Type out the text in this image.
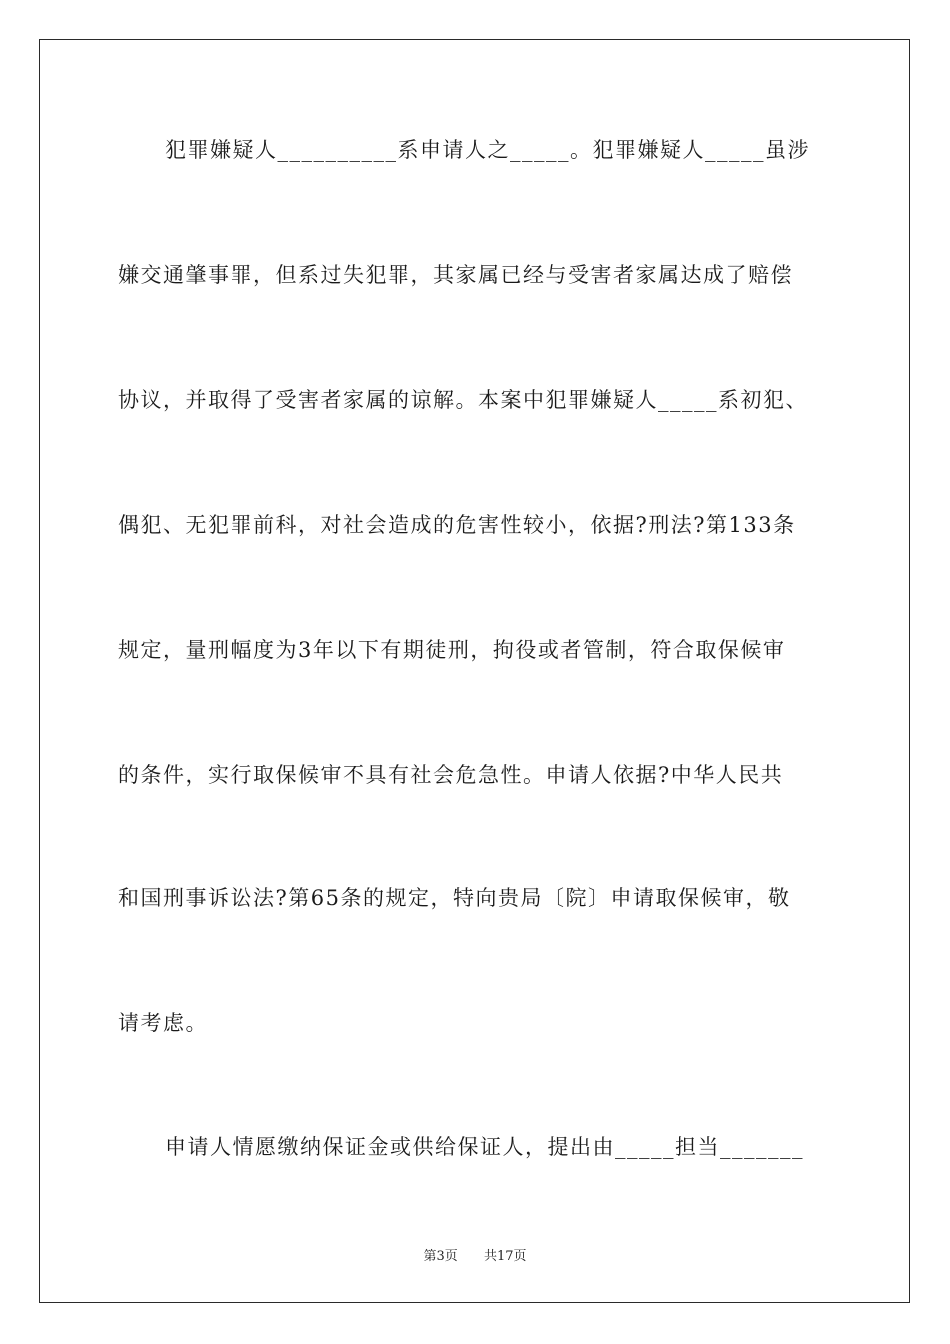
犯罪嫌疑人__________系申请人之_____。犯罪嫌疑人_____虽涉
嫌交通肇事罪，但系过失犯罪，其家属已经与受害者家属达成了赔偿
协议，并取得了受害者家属的谅解。本案中犯罪嫌疑人_____系初犯、
偶犯、无犯罪前科，对社会造成的危害性较小，依据?刑法?第133条
规定，量刑幅度为3年以下有期徒刑，拘役或者管制，符合取保候审
的条件，实行取保候审不具有社会危急性。申请人依据?中华人民共
和国刑事诉讼法?第65条的规定，特向贵局〔院〕申请取保候审，敬
请考虑。
申请人情愿缴纳保证金或供给保证人，提出由_____担当_______
第3页 共17页
